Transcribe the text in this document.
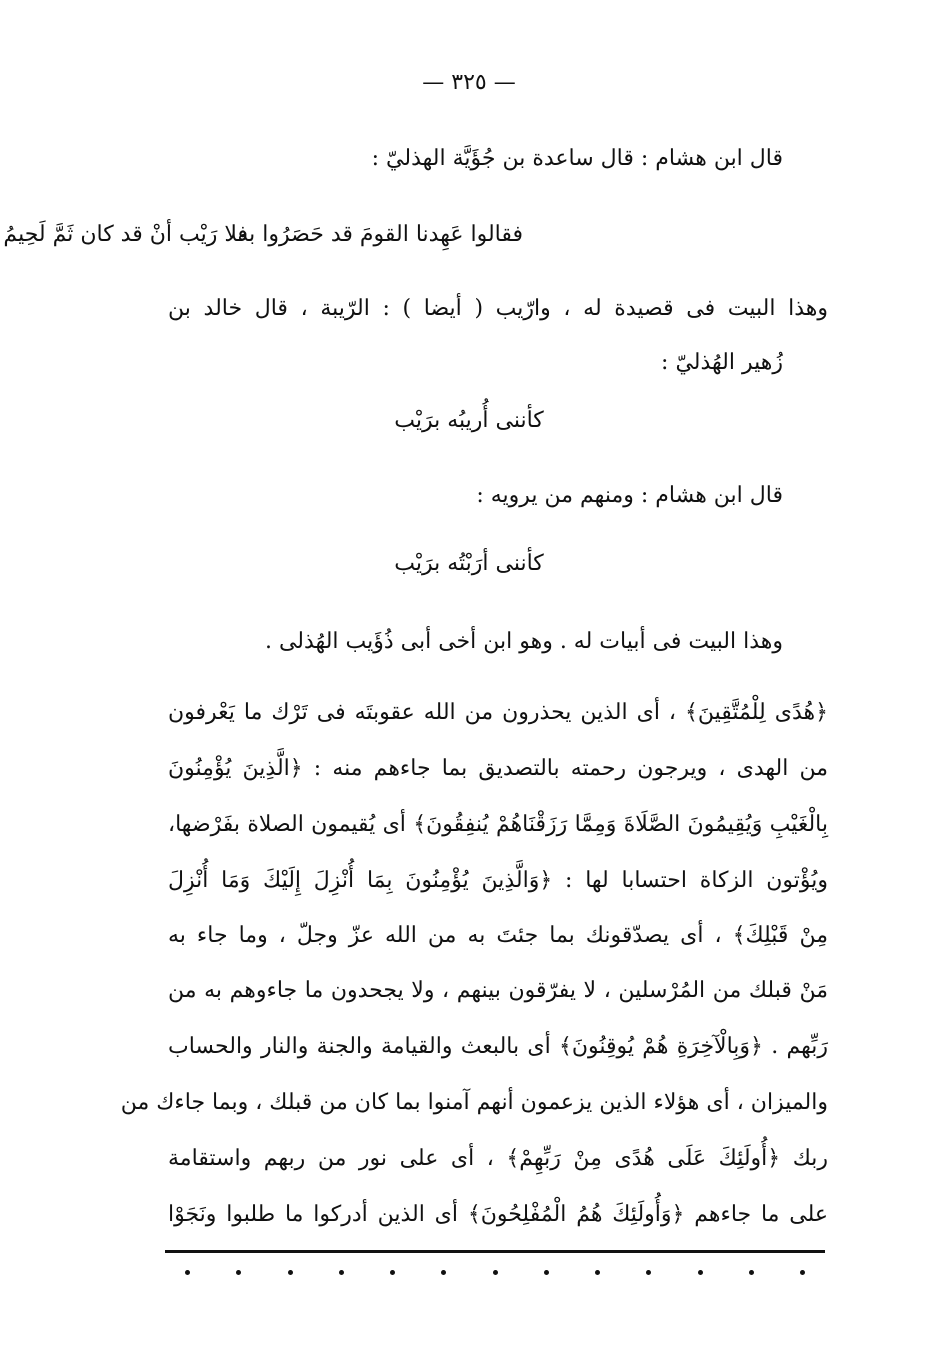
— ٣٢٥ —
قال ابن هشام : قال ساعدة بن جُؤَيَّة الهذليّ :
فقالوا عَهِدنا القومَ قد حَصَرُوا به
فلا رَيْب أنْ قد كان ثَمَّ لَحِيمُ
وهذا البيت فى قصيدة له ، وارّيب ( أيضا ) : الرّيبة ، قال خالد بن
زُهير الهُذليّ :
كأننى أُريبُه برَيْب
قال ابن هشام : ومنهم من يرويه :
كأننى أرَبْتُه برَيْب
وهذا البيت فى أبيات له . وهو ابن أخى أبى ذُؤَيب الهُذلى .
﴿هُدًى لِلْمُتَّقِينَ﴾ ، أى الذين يحذرون من الله عقوبتَه فى تَرْك ما يَعْرفون
من الهدى ، ويرجون رحمته بالتصديق بما جاءهم منه : ﴿الَّذِينَ يُؤْمِنُونَ
بِالْغَيْبِ وَيُقِيمُونَ الصَّلَاةَ وَمِمَّا رَزَقْنَاهُمْ يُنفِقُونَ﴾ أى يُقيمون الصلاة بفَرْضها،
ويُؤْتون الزكاة احتسابا لها : ﴿وَالَّذِينَ يُؤْمِنُونَ بِمَا أُنْزِلَ إِلَيْكَ وَمَا أُنْزِلَ
مِنْ قَبْلِكَ﴾ ، أى يصدّقونك بما جئتَ به من الله عزّ وجلّ ، وما جاء به
مَنْ قبلك من المُرْسلين ، لا يفرّقون بينهم ، ولا يجحدون ما جاءوهم به من
رَبِّهم . ﴿وَبِالْآخِرَةِ هُمْ يُوقِنُونَ﴾ أى بالبعث والقيامة والجنة والنار والحساب
والميزان ، أى هؤلاء الذين يزعمون أنهم آمنوا بما كان من قبلك ، وبما جاءك من
ربك ﴿أُولَئِكَ عَلَى هُدًى مِنْ رَبِّهِمْ﴾ ، أى على نور من ربهم واستقامة
على ما جاءهم ﴿وَأُولَئِكَ هُمُ الْمُفْلِحُونَ﴾ أى الذين أدركوا ما طلبوا ونَجَوْا
